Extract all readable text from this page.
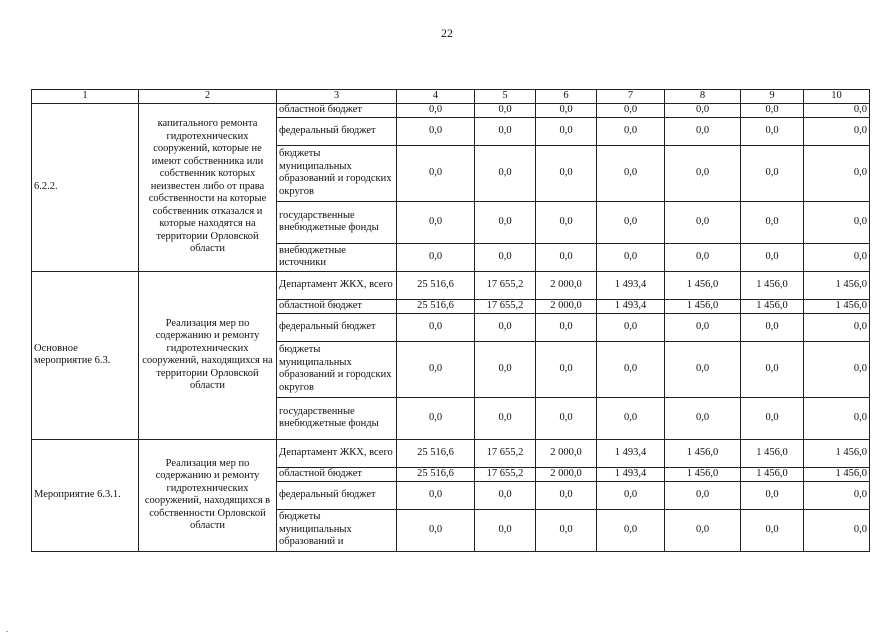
22
1	2	3	4	5	6	7	8	9	10
6.2.2.	капитального ремонта гидротехнических сооружений, которые не имеют собственника или собственник которых неизвестен либо от права собственности на которые собственник отказался и которые находятся на территории Орловской области	областной бюджет	0,0	0,0	0,0	0,0	0,0	0,0	0,0
		федеральный бюджет	0,0	0,0	0,0	0,0	0,0	0,0	0,0
		бюджеты муниципальных образований и городских округов	0,0	0,0	0,0	0,0	0,0	0,0	0,0
		государственные внебюджетные фонды	0,0	0,0	0,0	0,0	0,0	0,0	0,0
		внебюджетные источники	0,0	0,0	0,0	0,0	0,0	0,0	0,0
Основное мероприятие 6.3.	Реализация мер по содержанию и ремонту гидротехнических сооружений, находящихся на территории Орловской области	Департамент ЖКХ, всего	25 516,6	17 655,2	2 000,0	1 493,4	1 456,0	1 456,0	1 456,0
		областной бюджет	25 516,6	17 655,2	2 000,0	1 493,4	1 456,0	1 456,0	1 456,0
		федеральный бюджет	0,0	0,0	0,0	0,0	0,0	0,0	0,0
		бюджеты муниципальных образований и городских округов	0,0	0,0	0,0	0,0	0,0	0,0	0,0
		государственные внебюджетные фонды	0,0	0,0	0,0	0,0	0,0	0,0	0,0
Мероприятие 6.3.1.	Реализация мер по содержанию и ремонту гидротехнических сооружений, находящихся в собственности Орловской области	Департамент ЖКХ, всего	25 516,6	17 655,2	2 000,0	1 493,4	1 456,0	1 456,0	1 456,0
		областной бюджет	25 516,6	17 655,2	2 000,0	1 493,4	1 456,0	1 456,0	1 456,0
		федеральный бюджет	0,0	0,0	0,0	0,0	0,0	0,0	0,0
		бюджеты муниципальных образований и	0,0	0,0	0,0	0,0	0,0	0,0	0,0
.
